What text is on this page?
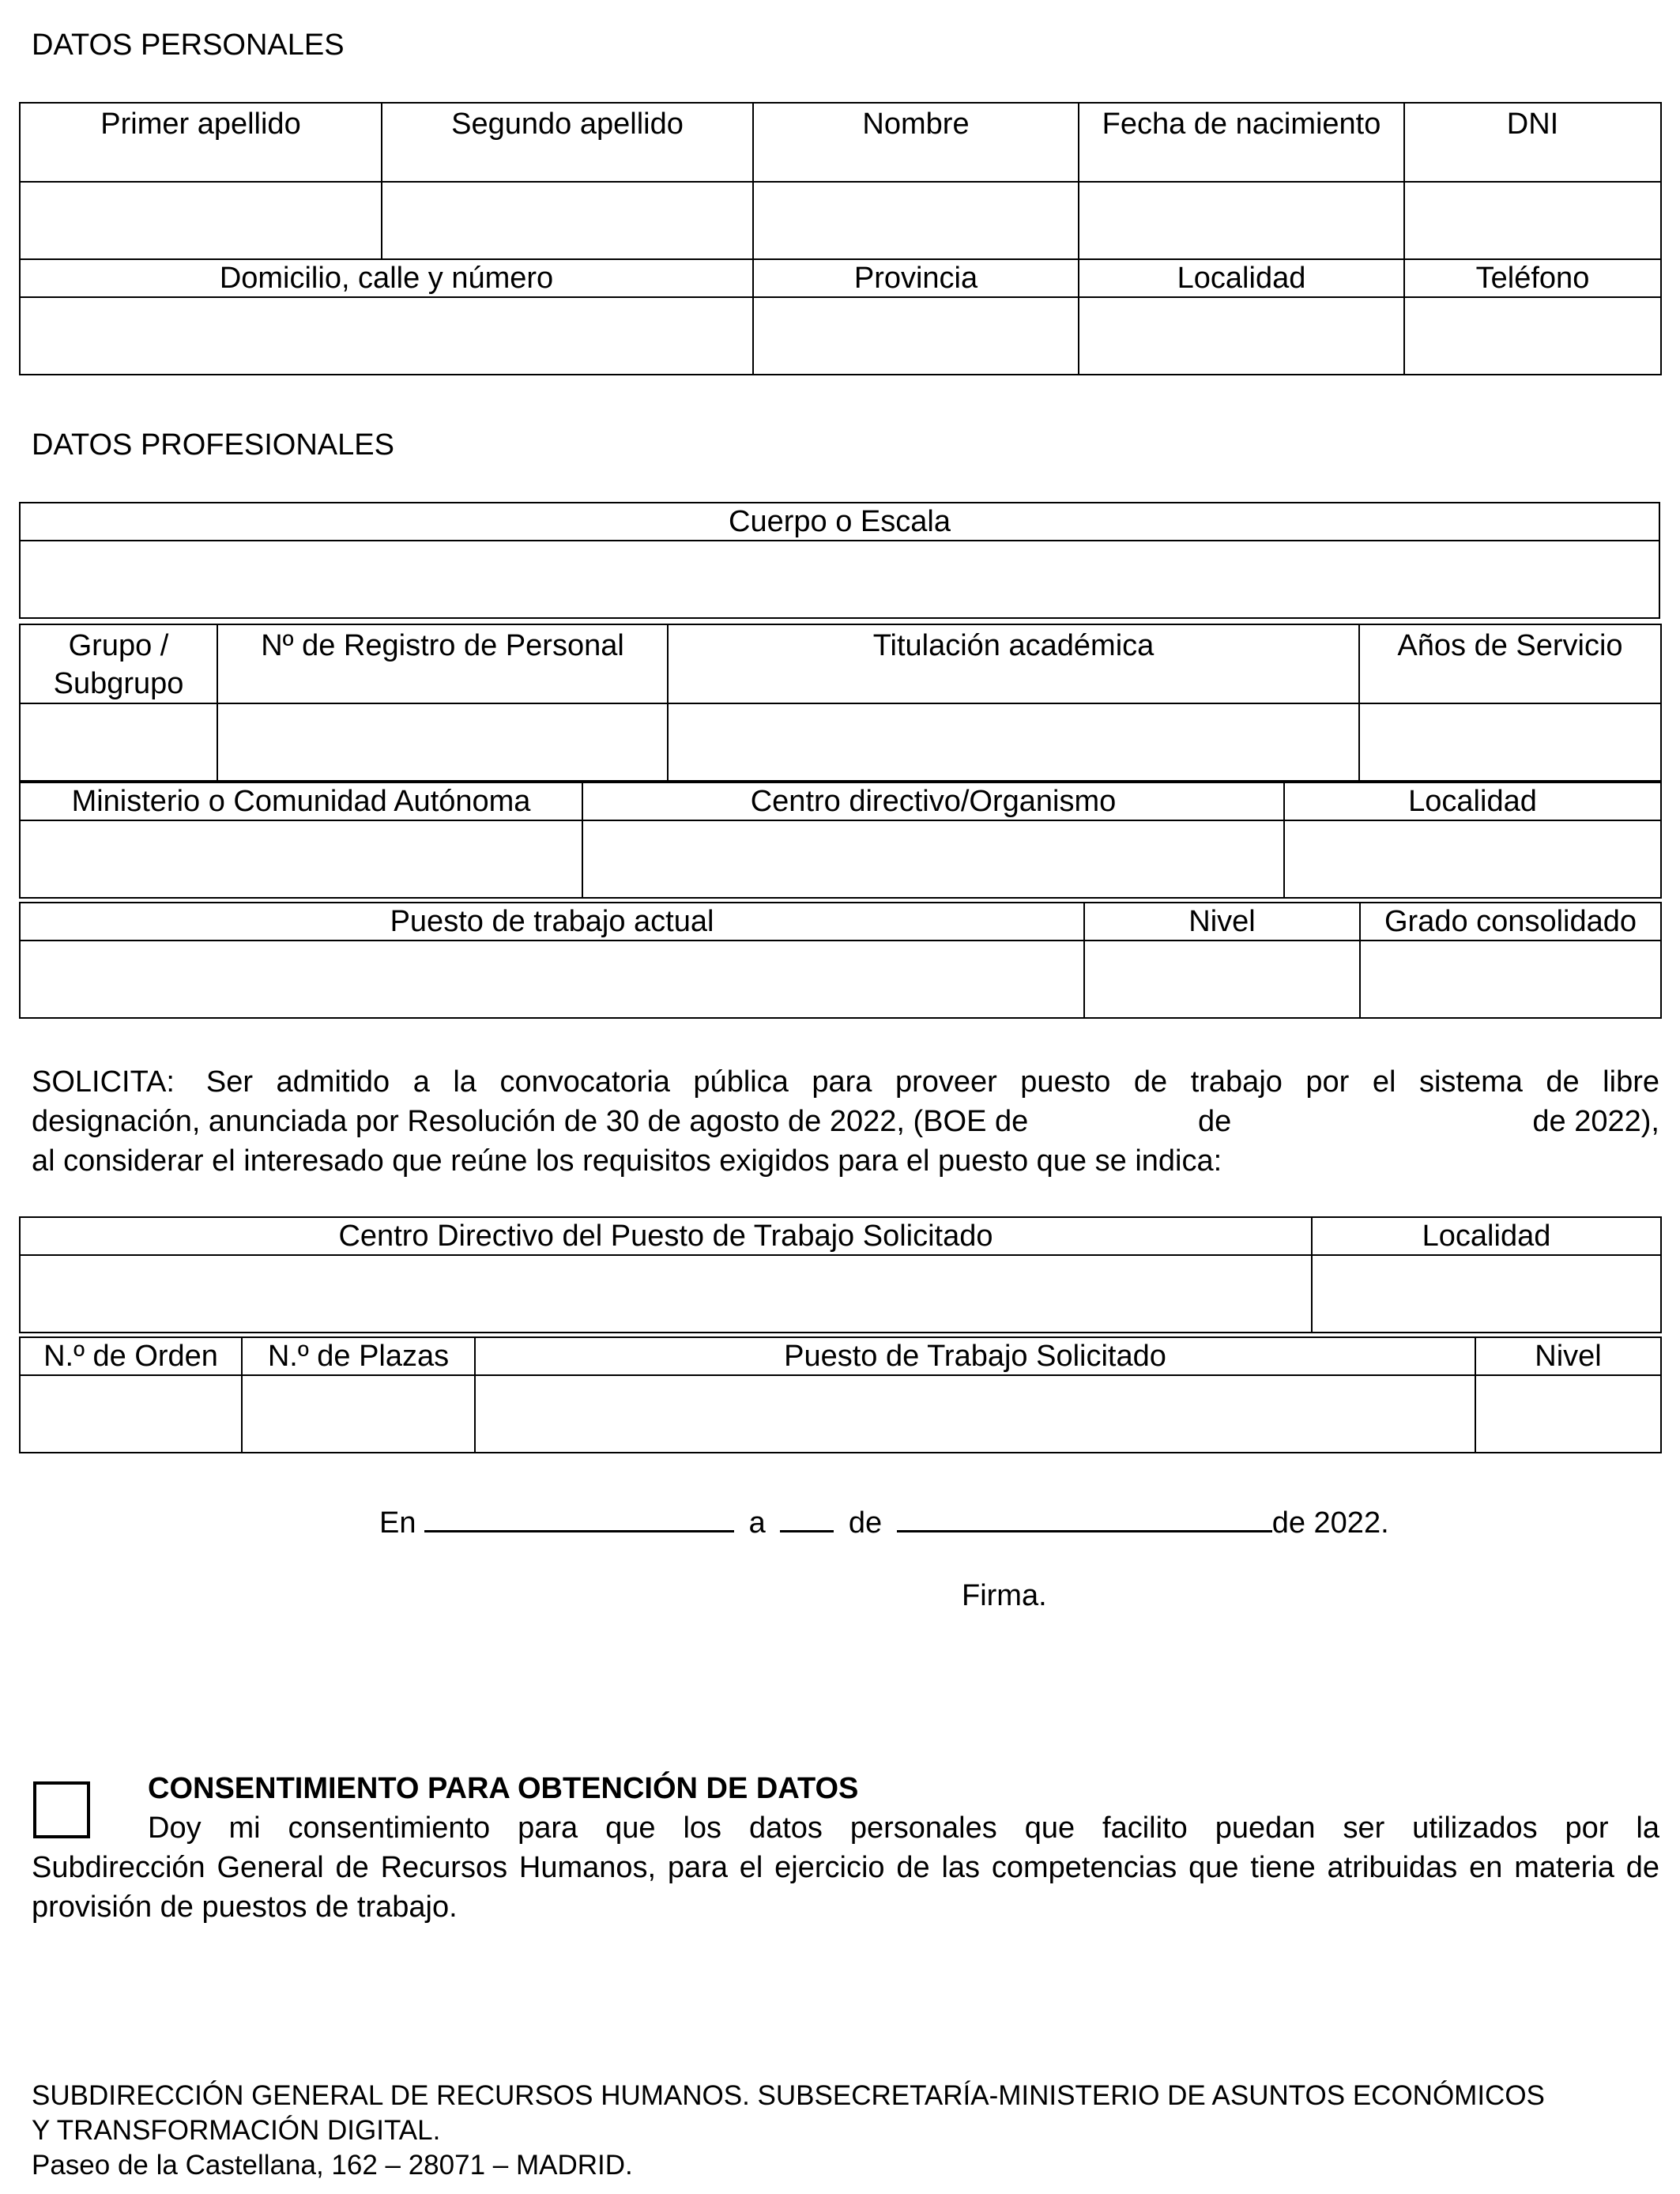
DATOS PERSONALES
Primer apellido	Segundo apellido	Nombre	Fecha de nacimiento	DNI

Domicilio, calle y número		Provincia	Localidad	Teléfono

DATOS PROFESIONALES
Cuerpo o Escala

Grupo / Subgrupo	Nº de Registro de Personal	Titulación académica	Años de Servicio

Ministerio o Comunidad Autónoma	Centro directivo/Organismo	Localidad

Puesto de trabajo actual	Nivel	Grado consolidado

SOLICITA: Ser admitido a la convocatoria pública para proveer puesto de trabajo por el sistema de libre
designación, anunciada por Resolución de 30 de agosto de 2022, (BOE de	de	de 2022),
al considerar el interesado que reúne los requisitos exigidos para el puesto que se indica:
Centro Directivo del Puesto de Trabajo Solicitado	Localidad

N.º de Orden	N.º de Plazas	Puesto de Trabajo Solicitado	Nivel

En	a	de	de 2022.
Firma.
CONSENTIMIENTO PARA OBTENCIÓN DE DATOS
Doy mi consentimiento para que los datos personales que facilito puedan ser utilizados por la
Subdirección General de Recursos Humanos, para el ejercicio de las competencias que tiene atribuidas en materia de provisión de puestos de trabajo.
SUBDIRECCIÓN GENERAL DE RECURSOS HUMANOS. SUBSECRETARÍA-MINISTERIO DE ASUNTOS ECONÓMICOS
Y TRANSFORMACIÓN DIGITAL.
Paseo de la Castellana, 162 – 28071 – MADRID.
